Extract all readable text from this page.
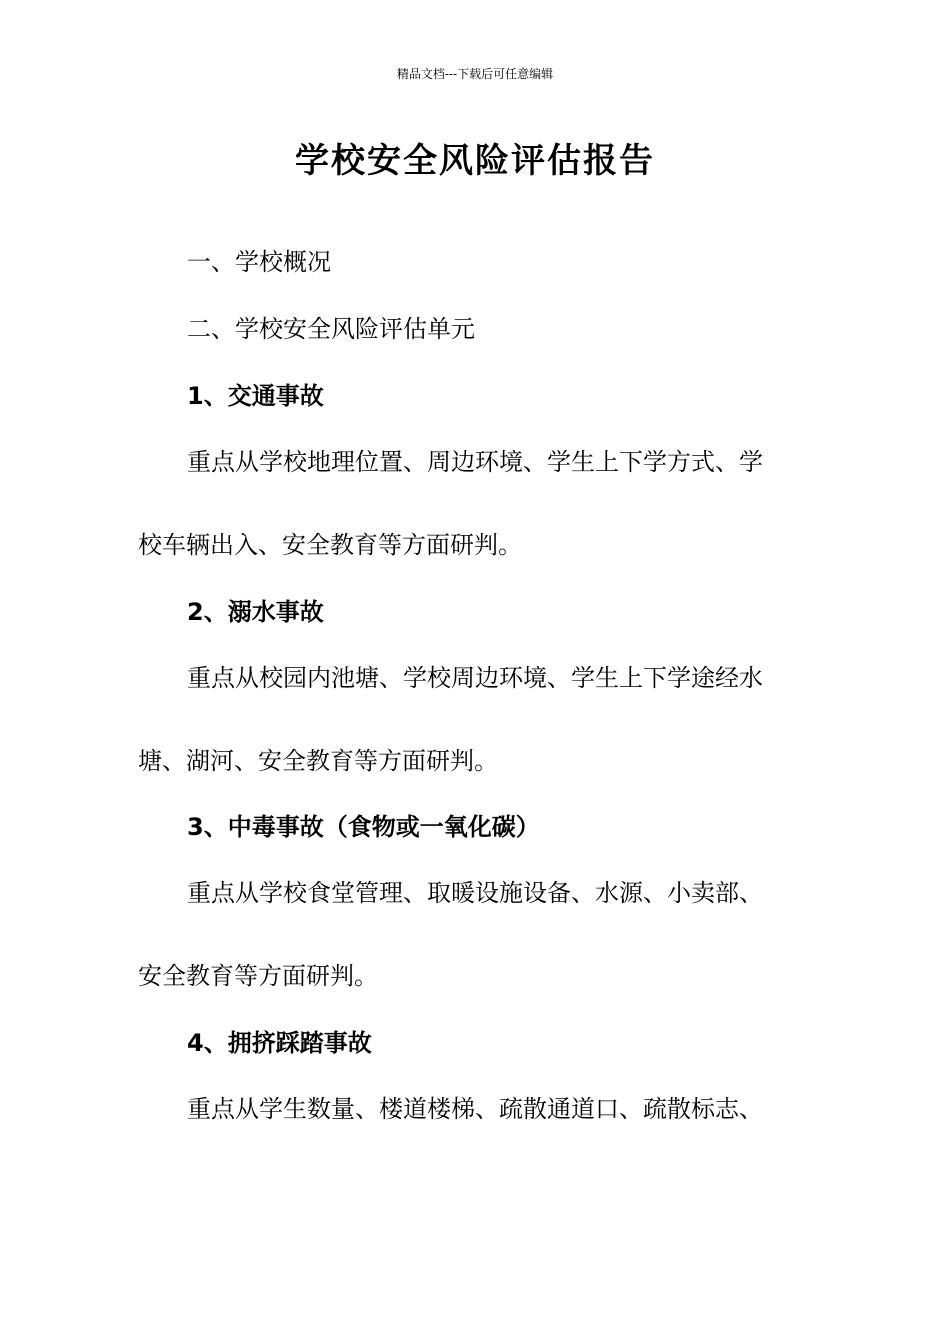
精品文档---下载后可任意编辑
学校安全风险评估报告
一、学校概况
二、学校安全风险评估单元
1、交通事故
重点从学校地理位置、周边环境、学生上下学方式、学
校车辆出入、安全教育等方面研判。
2、溺水事故
重点从校园内池塘、学校周边环境、学生上下学途经水
塘、湖河、安全教育等方面研判。
3、中毒事故（食物或一氧化碳）
重点从学校食堂管理、取暖设施设备、水源、小卖部、
安全教育等方面研判。
4、拥挤踩踏事故
重点从学生数量、楼道楼梯、疏散通道口、疏散标志、
